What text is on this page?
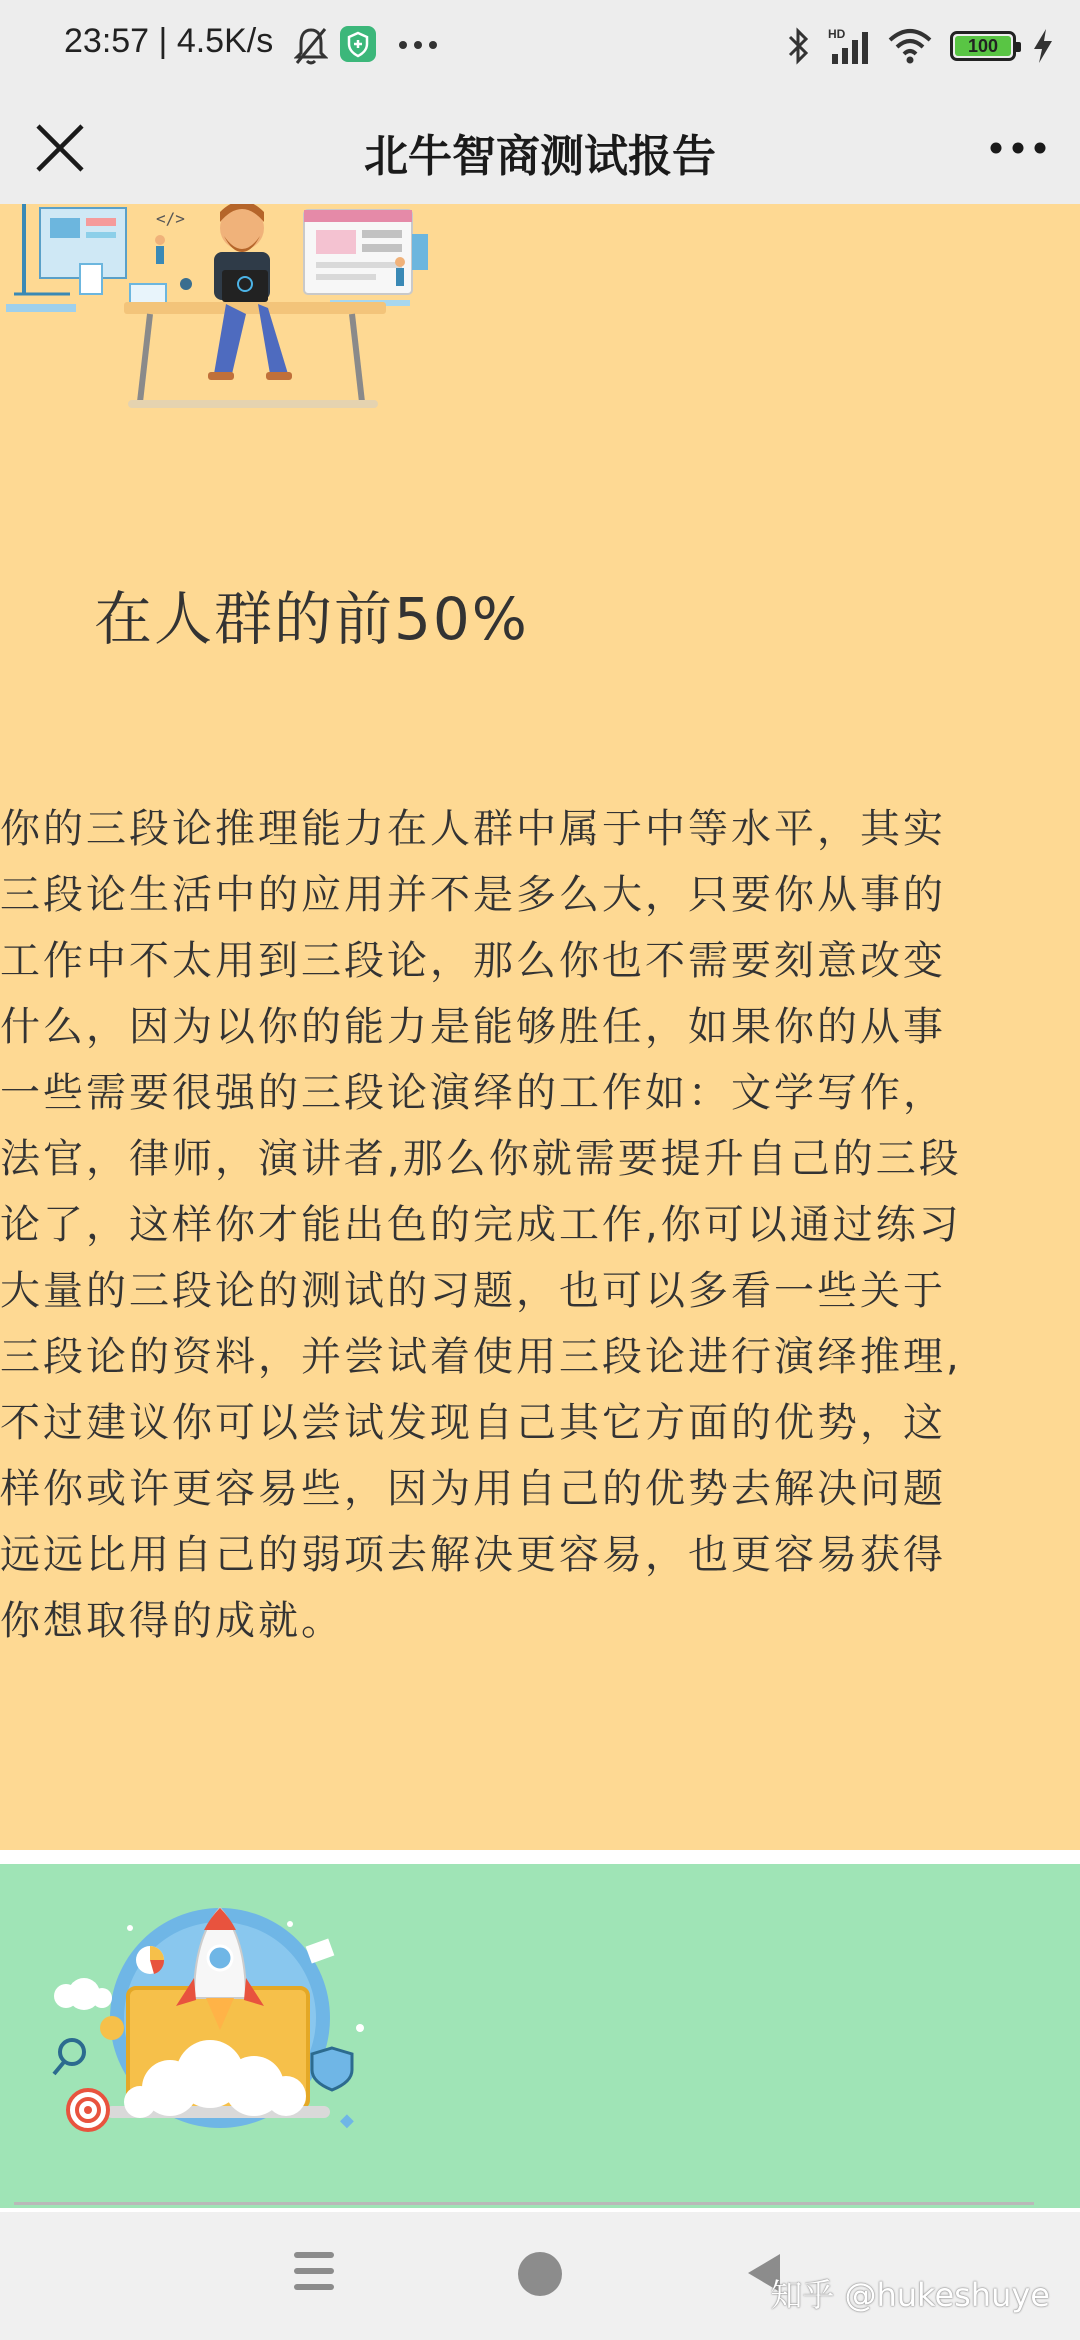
23:57 | 4.5K/s	HD
100
北牛智商测试报告
</>
在人群的前50%
你的三段论推理能力在人群中属于中等水平，其实
三段论生活中的应用并不是多么大，只要你从事的
工作中不太用到三段论，那么你也不需要刻意改变
什么，因为以你的能力是能够胜任，如果你的从事
一些需要很强的三段论演绎的工作如：文学写作，
法官，律师，演讲者,那么你就需要提升自己的三段
论了，这样你才能出色的完成工作,你可以通过练习
大量的三段论的测试的习题，也可以多看一些关于
三段论的资料，并尝试着使用三段论进行演绎推理,
不过建议你可以尝试发现自己其它方面的优势，这
样你或许更容易些，因为用自己的优势去解决问题
远远比用自己的弱项去解决更容易，也更容易获得
你想取得的成就。
◆
知乎 @hukeshuye
